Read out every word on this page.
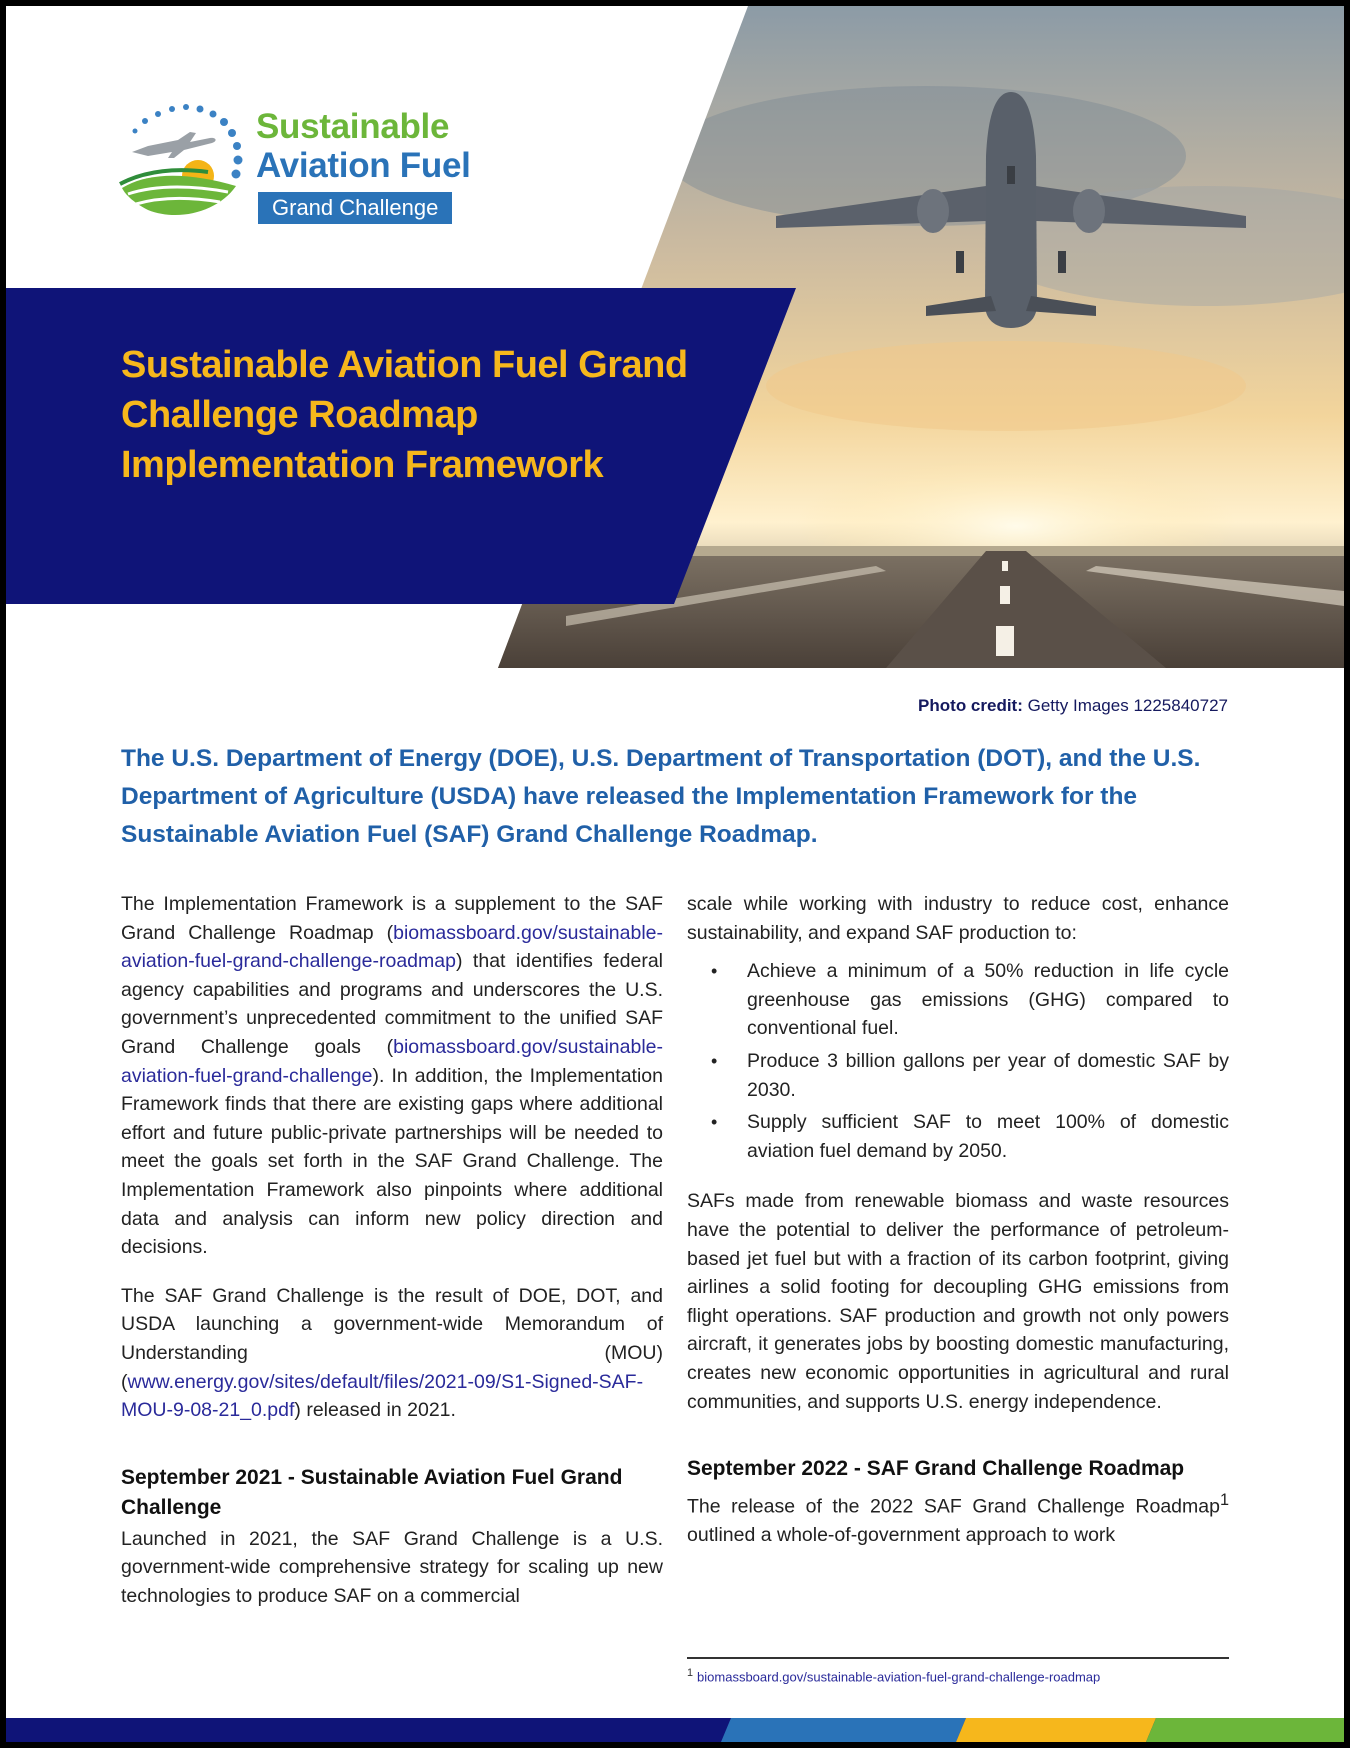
Sustainable
Aviation Fuel
Grand Challenge
Sustainable Aviation Fuel Grand Challenge Roadmap Implementation Framework
Photo credit: Getty Images 1225840727

The U.S. Department of Energy (DOE), U.S. Department of Transportation (DOT), and the U.S. Department of Agriculture (USDA) have released the Implementation Framework for the Sustainable Aviation Fuel (SAF) Grand Challenge Roadmap.

The Implementation Framework is a supplement to the SAF Grand Challenge Roadmap (biomassboard.gov/sustainable-aviation-fuel-grand-challenge-roadmap) that identifies federal agency capabilities and programs and underscores the U.S. government’s unprecedented commitment to the unified SAF Grand Challenge goals (biomassboard.gov/sustainable-aviation-fuel-grand-challenge). In addition, the Implementation Framework finds that there are existing gaps where additional effort and future public-private partnerships will be needed to meet the goals set forth in the SAF Grand Challenge. The Implementation Framework also pinpoints where additional data and analysis can inform new policy direction and decisions.

The SAF Grand Challenge is the result of DOE, DOT, and USDA launching a government-wide Memorandum of Understanding (MOU) (www.energy.gov/sites/default/files/2021-09/S1-Signed-SAF-MOU-9-08-21_0.pdf) released in 2021.

September 2021 - Sustainable Aviation Fuel Grand Challenge

Launched in 2021, the SAF Grand Challenge is a U.S. government-wide comprehensive strategy for scaling up new technologies to produce SAF on a commercial

scale while working with industry to reduce cost, enhance sustainability, and expand SAF production to:

• Achieve a minimum of a 50% reduction in life cycle greenhouse gas emissions (GHG) compared to conventional fuel.
• Produce 3 billion gallons per year of domestic SAF by 2030.
• Supply sufficient SAF to meet 100% of domestic aviation fuel demand by 2050.

SAFs made from renewable biomass and waste resources have the potential to deliver the performance of petroleum-based jet fuel but with a fraction of its carbon footprint, giving airlines a solid footing for decoupling GHG emissions from flight operations. SAF production and growth not only powers aircraft, it generates jobs by boosting domestic manufacturing, creates new economic opportunities in agricultural and rural communities, and supports U.S. energy independence.

September 2022 - SAF Grand Challenge Roadmap

The release of the 2022 SAF Grand Challenge Roadmap$^1$ outlined a whole-of-government approach to work

$^1$ biomassboard.gov/sustainable-aviation-fuel-grand-challenge-roadmap
